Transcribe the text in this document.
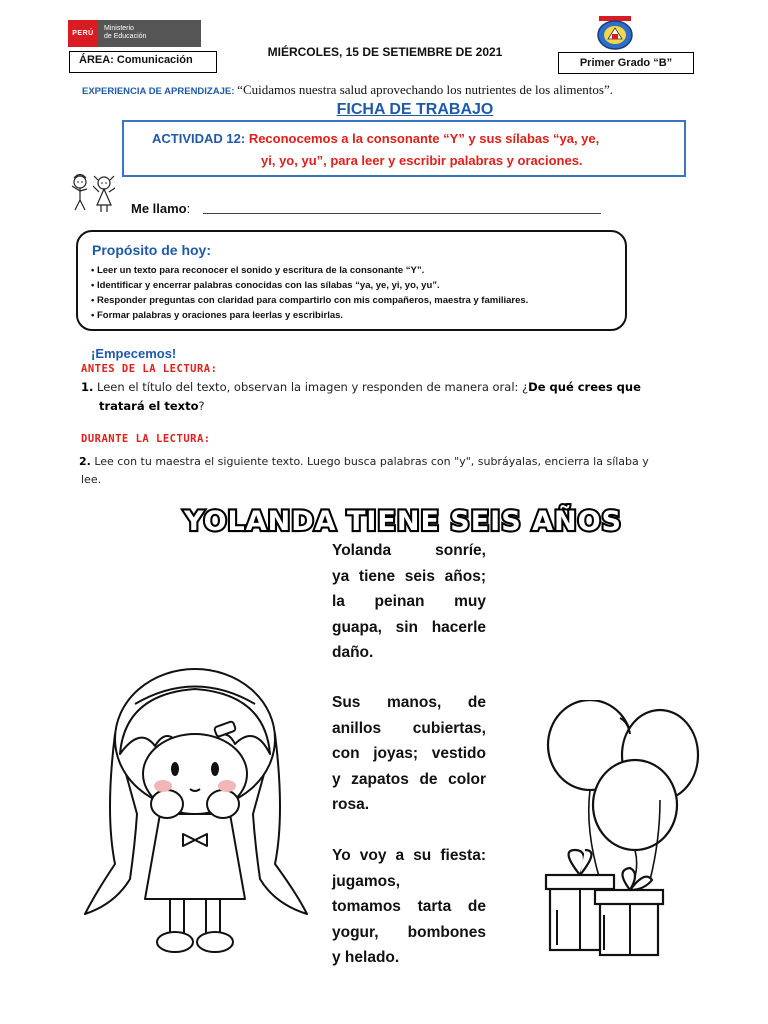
PERÚ
Ministerio
de Educación
MIÉRCOLES, 15 DE SETIEMBRE DE 2021
ÁREA: Comunicación	Primer Grado “B”
EXPERIENCIA DE APRENDIZAJE: “Cuidamos nuestra salud aprovechando los nutrientes de los alimentos”.
FICHA DE TRABAJO
ACTIVIDAD 12: Reconocemos a la consonante “Y” y sus sílabas “ya, ye,
yi, yo, yu”, para leer y escribir palabras y oraciones.
Me llamo:
Propósito de hoy:
• Leer un texto para reconocer el sonido y escritura de la consonante “Y”.
• Identificar y encerrar palabras conocidas con las sílabas “ya, ye, yi, yo, yu”.
• Responder preguntas con claridad para compartirlo con mis compañeros, maestra y familiares.
• Formar palabras y oraciones para leerlas y escribirlas.
¡Empecemos!
ANTES DE LA LECTURA:
1. Leen el título del texto, observan la imagen y responden de manera oral: ¿De qué crees que
tratará el texto?
DURANTE LA LECTURA:
2. Lee con tu maestra el siguiente texto. Luego busca palabras con "y", subráyalas, encierra la sílaba y
lee.
YOLANDA TIENE SEIS AÑOS
Yolanda sonríe,
ya tiene seis años;
la peinan muy
guapa, sin hacerle
daño.
Sus manos, de
anillos cubiertas,
con joyas; vestido
y zapatos de color
rosa.
Yo voy a su fiesta:
jugamos,
tomamos tarta de
yogur, bombones
y helado.
